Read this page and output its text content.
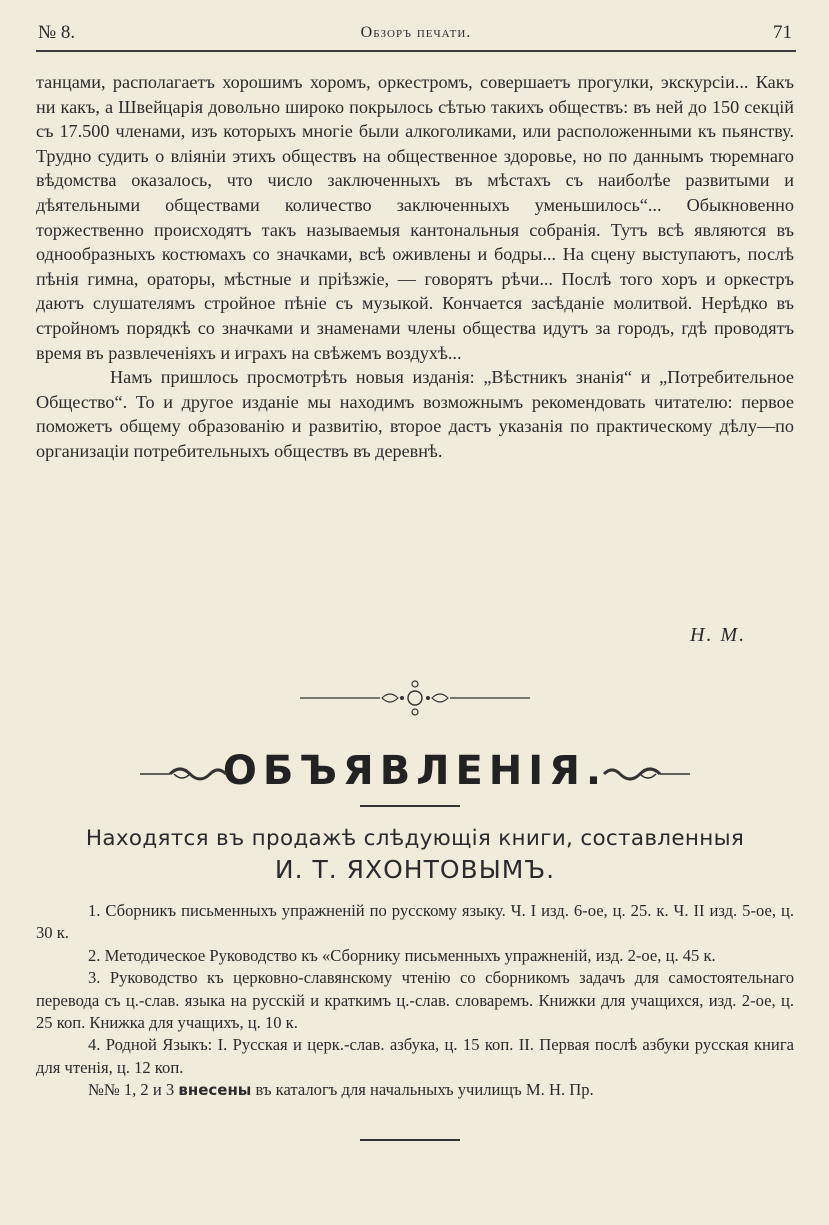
№ 8.	Обзоръ печати.	71

танцами, располагаетъ хорошимъ хоромъ, оркестромъ, совершаетъ прогулки, экскурсіи... Какъ ни какъ, а Швейцарія довольно широко покрылось сѣтью такихъ обществъ: въ ней до 150 секцій съ 17.500 членами, изъ которыхъ многіе были алкоголиками, или расположенными къ пьянству. Трудно судить о вліяніи этихъ обществъ на общественное здоровье, но по даннымъ тюремнаго вѣдомства оказалось, что число заключенныхъ въ мѣстахъ съ наиболѣе развитыми и дѣятельными обществами количество заключенныхъ уменьшилось“... Обыкновенно торжественно происходятъ такъ называемыя кантональныя собранія. Тутъ всѣ являются въ однообразныхъ костюмахъ со значками, всѣ оживлены и бодры... На сцену выступаютъ, послѣ пѣнія гимна, ораторы, мѣстные и пріѣзжіе, — говорятъ рѣчи... Послѣ того хоръ и оркестръ даютъ слушателямъ стройное пѣніе съ музыкой. Кончается засѣданіе молитвой. Нерѣдко въ стройномъ порядкѣ со значками и знаменами члены общества идутъ за городъ, гдѣ проводятъ время въ развлеченіяхъ и играхъ на свѣжемъ воздухѣ...

Намъ пришлось просмотрѣть новыя изданія: „Вѣстникъ знанія“ и „Потребительное Общество“. То и другое изданіе мы находимъ возможнымъ рекомендовать читателю: первое поможетъ общему образованію и развитію, второе дастъ указанія по практическому дѣлу—по организаціи потребительныхъ обществъ въ деревнѣ.

Н. М.
ОБЪЯВЛЕНІЯ.
Находятся въ продажѣ слѣдующія книги, составленныя
И. Т. ЯХОНТОВЫМЪ.

1. Сборникъ письменныхъ упражненій по русскому языку. Ч. I изд. 6-ое, ц. 25. к. Ч. II изд. 5-ое, ц. 30 к.

2. Методическое Руководство къ «Сборнику письменныхъ упражненій, изд. 2-ое, ц. 45 к.

3. Руководство къ церковно-славянскому чтенію со сборникомъ задачъ для самостоятельнаго перевода съ ц.-слав. языка на русскій и краткимъ ц.-слав. словаремъ. Книжки для учащихся, изд. 2-ое, ц. 25 коп. Книжка для учащихъ, ц. 10 к.

4. Родной Языкъ: I. Русская и церк.-слав. азбука, ц. 15 коп. II. Первая послѣ азбуки русская книга для чтенія, ц. 12 коп.

№№ 1, 2 и 3 внесены въ каталогъ для начальныхъ училищъ М. Н. Пр.
